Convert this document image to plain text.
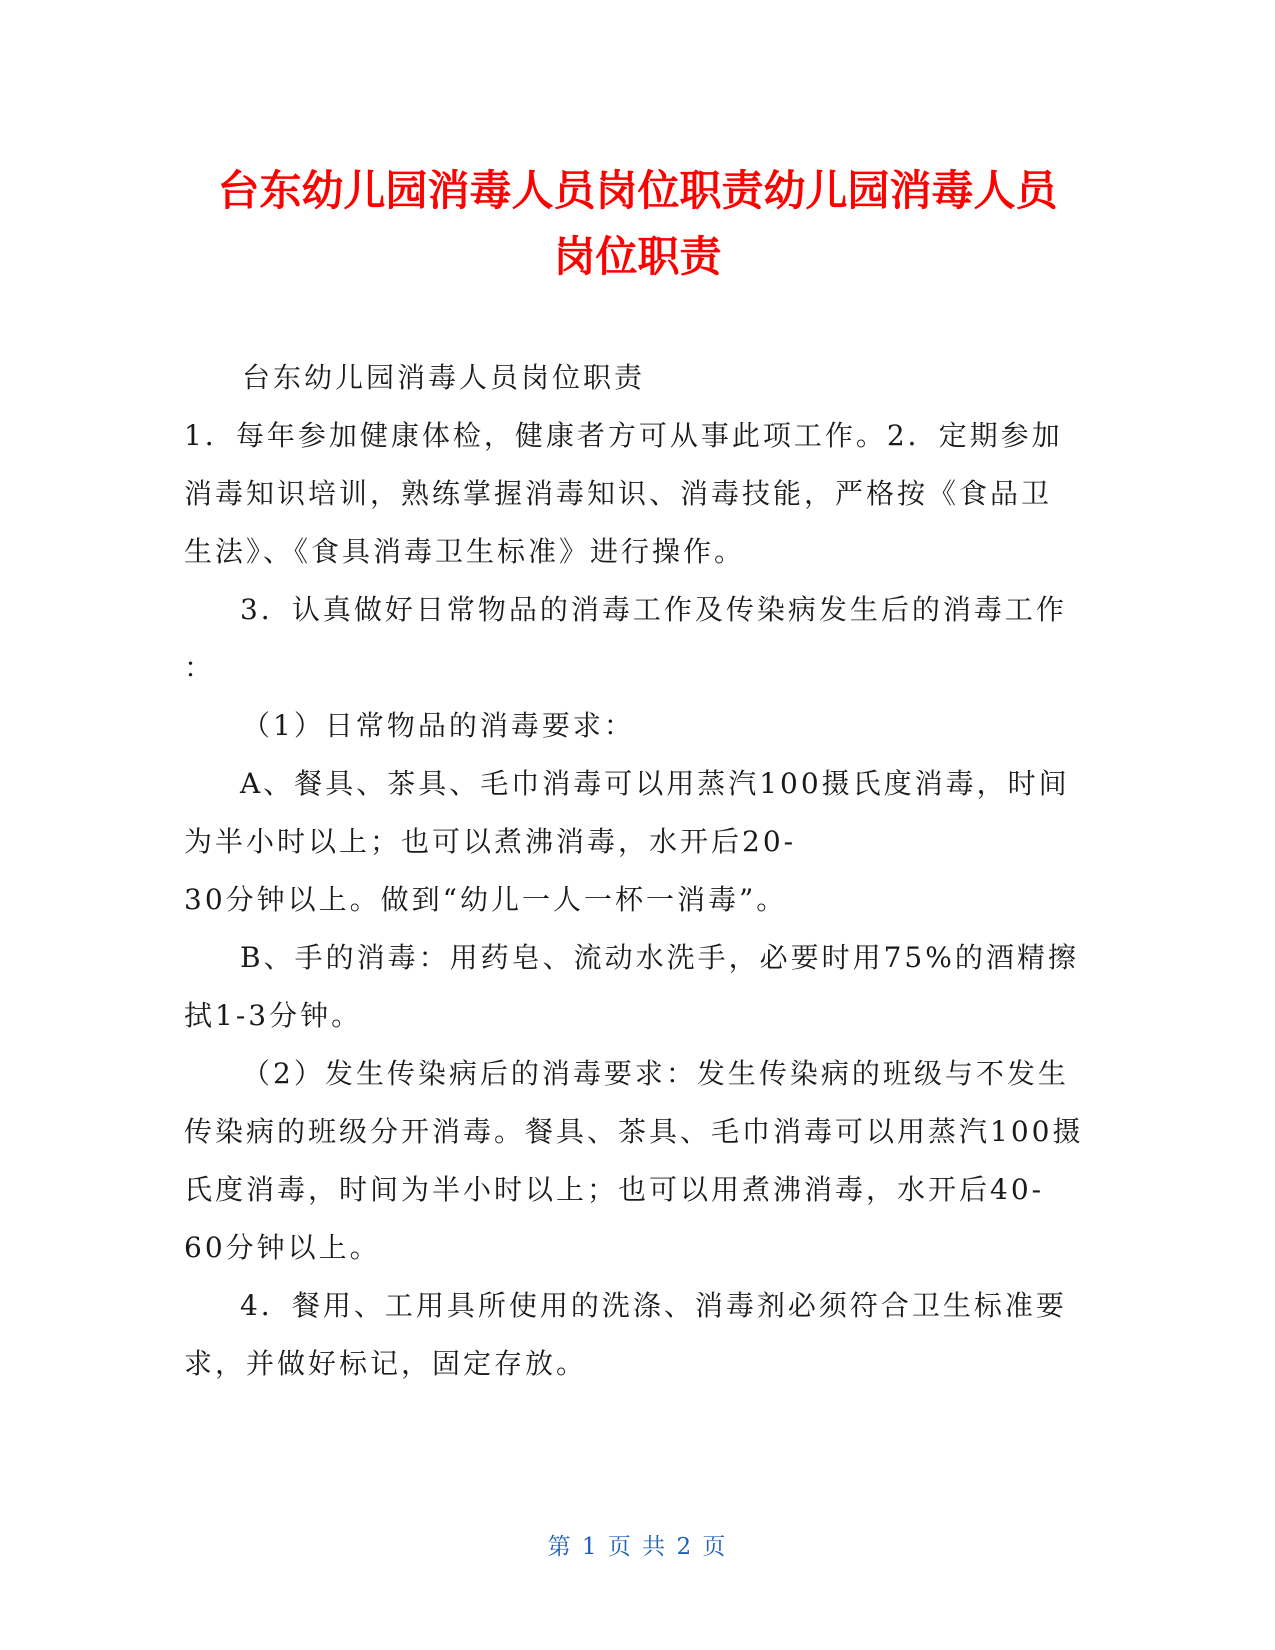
台东幼儿园消毒人员岗位职责幼儿园消毒人员
岗位职责
台东幼儿园消毒人员岗位职责
1．每年参加健康体检，健康者方可从事此项工作。2．定期参加
消毒知识培训，熟练掌握消毒知识、消毒技能，严格按《食品卫
生法》、《食具消毒卫生标准》进行操作。
3．认真做好日常物品的消毒工作及传染病发生后的消毒工作
：
（1）日常物品的消毒要求：
A、餐具、茶具、毛巾消毒可以用蒸汽100摄氏度消毒，时间
为半小时以上；也可以煮沸消毒，水开后20-
30分钟以上。做到“幼儿一人一杯一消毒”。
B、手的消毒：用药皂、流动水洗手，必要时用75%的酒精擦
拭1-3分钟。
（2）发生传染病后的消毒要求：发生传染病的班级与不发生
传染病的班级分开消毒。餐具、茶具、毛巾消毒可以用蒸汽100摄
氏度消毒，时间为半小时以上；也可以用煮沸消毒，水开后40-
60分钟以上。
4．餐用、工用具所使用的洗涤、消毒剂必须符合卫生标准要
求，并做好标记，固定存放。
第 1 页 共 2 页
